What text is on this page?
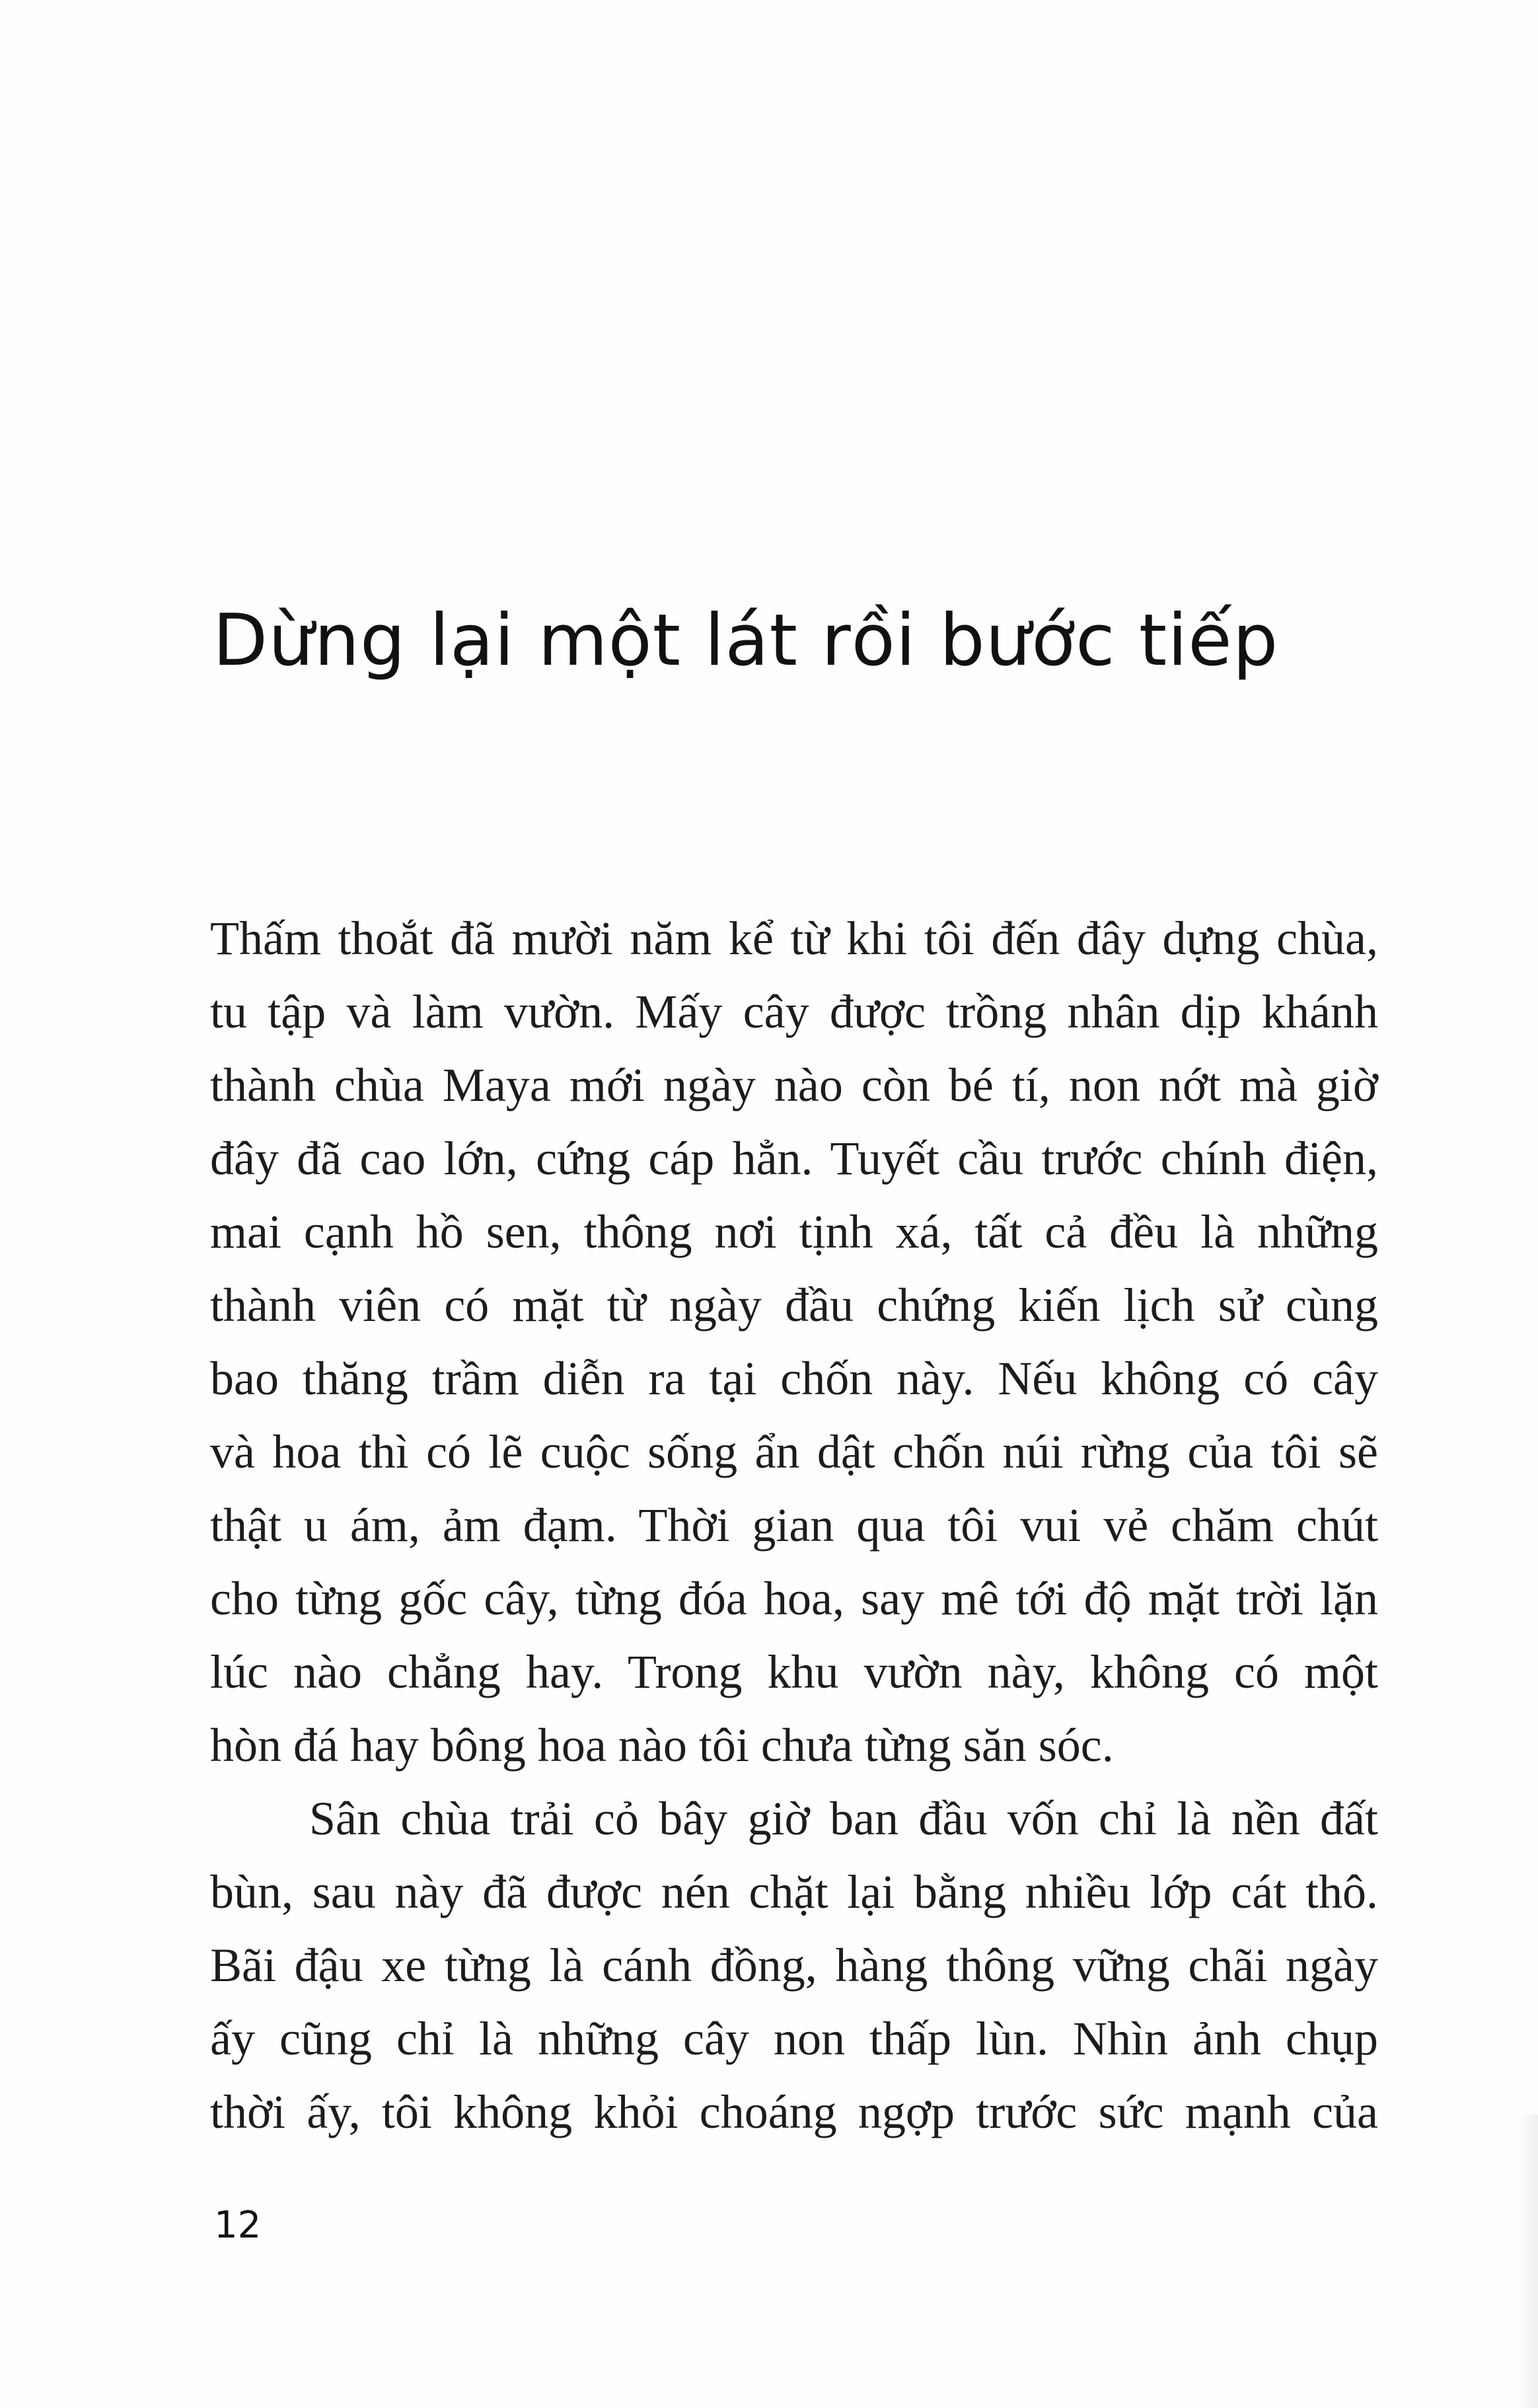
Dừng lại một lát rồi bước tiếp
Thấm thoắt đã mười năm kể từ khi tôi đến đây dựng chùa,
tu tập và làm vườn. Mấy cây được trồng nhân dịp khánh
thành chùa Maya mới ngày nào còn bé tí, non nớt mà giờ
đây đã cao lớn, cứng cáp hẳn. Tuyết cầu trước chính điện,
mai cạnh hồ sen, thông nơi tịnh xá, tất cả đều là những
thành viên có mặt từ ngày đầu chứng kiến lịch sử cùng
bao thăng trầm diễn ra tại chốn này. Nếu không có cây
và hoa thì có lẽ cuộc sống ẩn dật chốn núi rừng của tôi sẽ
thật u ám, ảm đạm. Thời gian qua tôi vui vẻ chăm chút
cho từng gốc cây, từng đóa hoa, say mê tới độ mặt trời lặn
lúc nào chẳng hay. Trong khu vườn này, không có một
hòn đá hay bông hoa nào tôi chưa từng săn sóc.
Sân chùa trải cỏ bây giờ ban đầu vốn chỉ là nền đất
bùn, sau này đã được nén chặt lại bằng nhiều lớp cát thô.
Bãi đậu xe từng là cánh đồng, hàng thông vững chãi ngày
ấy cũng chỉ là những cây non thấp lùn. Nhìn ảnh chụp
thời ấy, tôi không khỏi choáng ngợp trước sức mạnh của
12
